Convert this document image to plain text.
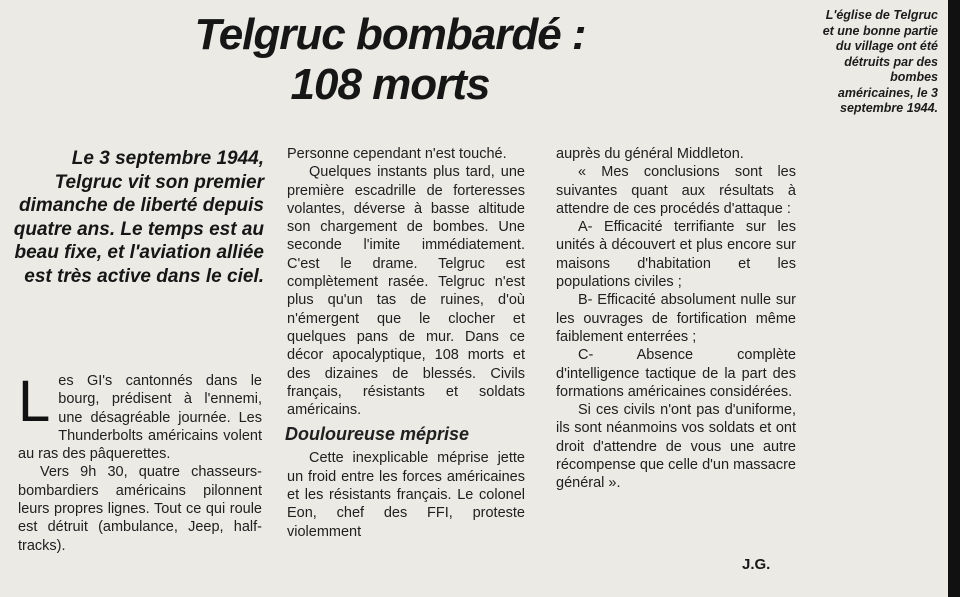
Telgruc bombardé :
108 morts
L'église de Telgruc et une bonne partie du village ont été détruits par des bombes américaines, le 3 septembre 1944.
Le 3 septembre 1944, Telgruc vit son premier dimanche de liberté depuis quatre ans. Le temps est au beau fixe, et l'aviation alliée est très active dans le ciel.

Les GI's cantonnés dans le bourg, prédisent à l'ennemi, une désagréable journée. Les Thunderbolts américains volent au ras des pâquerettes.

Vers 9h 30, quatre chasseurs-bombardiers américains pilonnent leurs propres lignes. Tout ce qui roule est détruit (ambulance, Jeep, half-tracks).

Personne cependant n'est touché.

Quelques instants plus tard, une première escadrille de forteresses volantes, déverse à basse altitude son chargement de bombes. Une seconde l'imite immédiatement. C'est le drame. Telgruc est complètement rasée. Telgruc n'est plus qu'un tas de ruines, d'où n'émergent que le clocher et quelques pans de mur. Dans ce décor apocalyptique, 108 morts et des dizaines de blessés. Civils français, résistants et soldats américains.

Douloureuse méprise

Cette inexplicable méprise jette un froid entre les forces américaines et les résistants français. Le colonel Eon, chef des FFI, proteste violemment

auprès du général Middleton.

« Mes conclusions sont les suivantes quant aux résultats à attendre de ces procédés d'attaque :

A- Efficacité terrifiante sur les unités à découvert et plus encore sur maisons d'habitation et les populations civiles ;

B- Efficacité absolument nulle sur les ouvrages de fortification même faiblement enterrées ;

C- Absence complète d'intelligence tactique de la part des formations américaines considérées.

Si ces civils n'ont pas d'uniforme, ils sont néanmoins vos soldats et ont droit d'attendre de vous une autre récompense que celle d'un massacre général ».

J.G.
